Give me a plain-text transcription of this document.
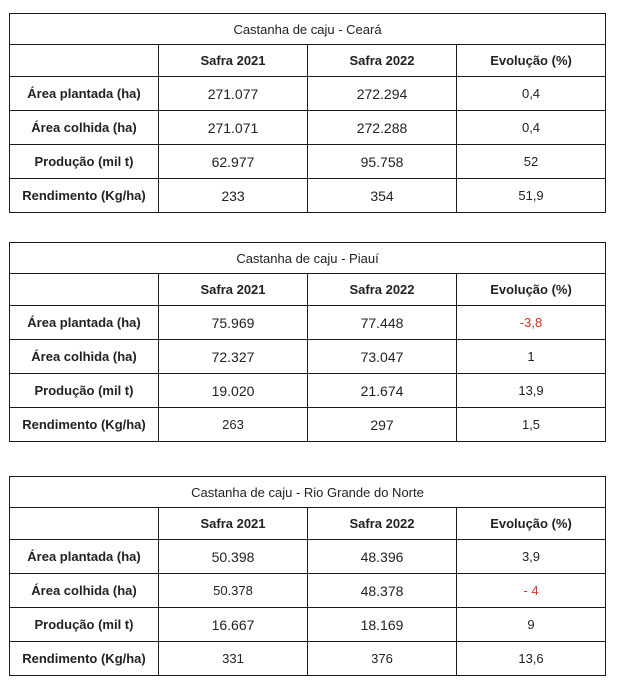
Castanha de caju - Ceará			
	Safra 2021	Safra 2022	Evolução (%)
Área plantada (ha)	271.077	272.294	0,4
Área colhida (ha)	271.071	272.288	0,4
Produção (mil t)	62.977	95.758	52
Rendimento (Kg/ha)	233	354	51,9
Castanha de caju - Piauí			
	Safra 2021	Safra 2022	Evolução (%)
Área plantada (ha)	75.969	77.448	-3,8
Área colhida (ha)	72.327	73.047	1
Produção (mil t)	19.020	21.674	13,9
Rendimento (Kg/ha)	263	297	1,5
Castanha de caju - Rio Grande do Norte			
	Safra 2021	Safra 2022	Evolução (%)
Área plantada (ha)	50.398	48.396	3,9
Área colhida (ha)	50.378	48.378	- 4
Produção (mil t)	16.667	18.169	9
Rendimento (Kg/ha)	331	376	13,6
